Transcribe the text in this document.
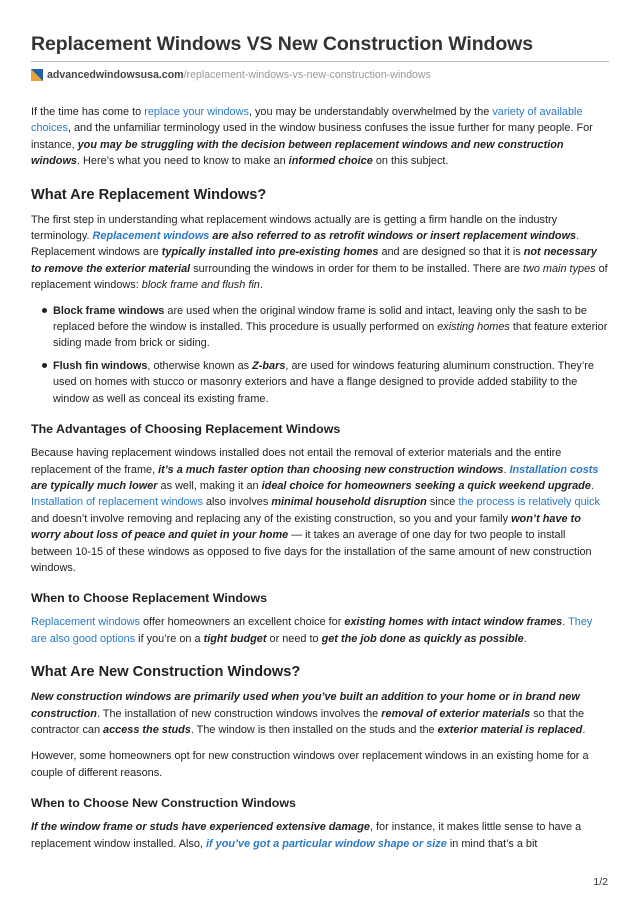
Replacement Windows VS New Construction Windows
advancedwindowsusa.com /replacement-windows-vs-new-construction-windows

If the time has come to replace your windows, you may be understandably overwhelmed by the variety of available choices, and the unfamiliar terminology used in the window business confuses the issue further for many people. For instance, you may be struggling with the decision between replacement windows and new construction windows. Here’s what you need to know to make an informed choice on this subject.

What Are Replacement Windows?

The first step in understanding what replacement windows actually are is getting a firm handle on the industry terminology. Replacement windows are also referred to as retrofit windows or insert replacement windows. Replacement windows are typically installed into pre-existing homes and are designed so that it is not necessary to remove the exterior material surrounding the windows in order for them to be installed. There are two main types of replacement windows: block frame and flush fin.

Block frame windows are used when the original window frame is solid and intact, leaving only the sash to be replaced before the window is installed. This procedure is usually performed on existing homes that feature exterior siding made from brick or siding.
Flush fin windows, otherwise known as Z-bars, are used for windows featuring aluminum construction. They’re used on homes with stucco or masonry exteriors and have a flange designed to provide added stability to the window as well as conceal its existing frame.
The Advantages of Choosing Replacement Windows

Because having replacement windows installed does not entail the removal of exterior materials and the entire replacement of the frame, it’s a much faster option than choosing new construction windows. Installation costs are typically much lower as well, making it an ideal choice for homeowners seeking a quick weekend upgrade. Installation of replacement windows also involves minimal household disruption since the process is relatively quick and doesn’t involve removing and replacing any of the existing construction, so you and your family won’t have to worry about loss of peace and quiet in your home — it takes an average of one day for two people to install between 10-15 of these windows as opposed to five days for the installation of the same amount of new construction windows.

When to Choose Replacement Windows

Replacement windows offer homeowners an excellent choice for existing homes with intact window frames. They are also good options if you’re on a tight budget or need to get the job done as quickly as possible.

What Are New Construction Windows?

New construction windows are primarily used when you’ve built an addition to your home or in brand new construction. The installation of new construction windows involves the removal of exterior materials so that the contractor can access the studs. The window is then installed on the studs and the exterior material is replaced.

However, some homeowners opt for new construction windows over replacement windows in an existing home for a couple of different reasons.

When to Choose New Construction Windows

If the window frame or studs have experienced extensive damage, for instance, it makes little sense to have a replacement window installed. Also, if you’ve got a particular window shape or size in mind that’s a bit

1/2
